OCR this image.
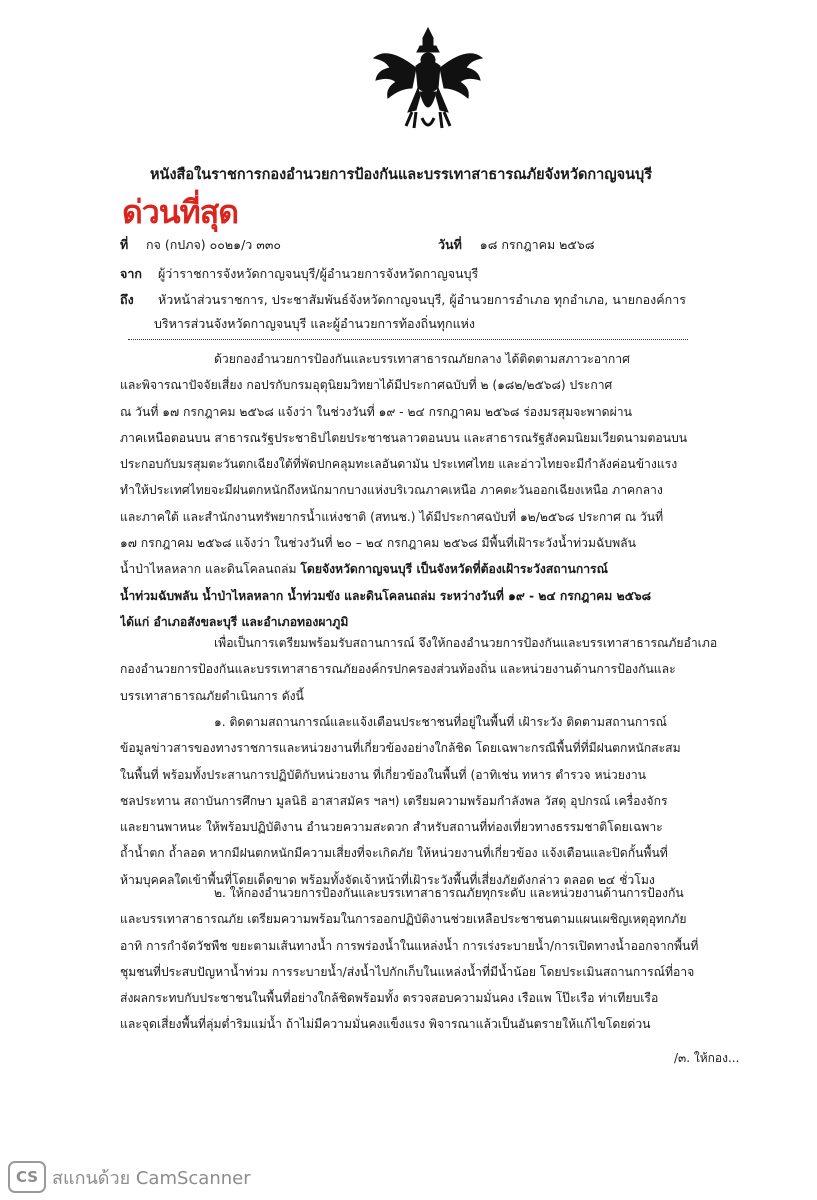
หนังสือในราชการกองอำนวยการป้องกันและบรรเทาสาธารณภัยจังหวัดกาญจนบุรี
ด่วนที่สุด
ที่ กจ (กปภจ) ๐๐๒๑/ว ๓๓๐	วันที่ ๑๘ กรกฎาคม ๒๕๖๘
จาก ผู้ว่าราชการจังหวัดกาญจนบุรี/ผู้อำนวยการจังหวัดกาญจนบุรี
ถึง หัวหน้าส่วนราชการ, ประชาสัมพันธ์จังหวัดกาญจนบุรี, ผู้อำนวยการอำเภอ ทุกอำเภอ, นายกองค์การ
บริหารส่วนจังหวัดกาญจนบุรี และผู้อำนวยการท้องถิ่นทุกแห่ง
ด้วยกองอำนวยการป้องกันและบรรเทาสาธารณภัยกลาง ได้ติดตามสภาวะอากาศ
และพิจารณาปัจจัยเสี่ยง กอปรกับกรมอุตุนิยมวิทยาได้มีประกาศฉบับที่ ๒ (๑๘๒/๒๕๖๘) ประกาศ
ณ วันที่ ๑๗ กรกฎาคม ๒๕๖๘ แจ้งว่า ในช่วงวันที่ ๑๙ - ๒๔ กรกฎาคม ๒๕๖๘ ร่องมรสุมจะพาดผ่าน
ภาคเหนือตอนบน สาธารณรัฐประชาธิปไตยประชาชนลาวตอนบน และสาธารณรัฐสังคมนิยมเวียดนามตอนบน
ประกอบกับมรสุมตะวันตกเฉียงใต้ที่พัดปกคลุมทะเลอันดามัน ประเทศไทย และอ่าวไทยจะมีกำลังค่อนข้างแรง
ทำให้ประเทศไทยจะมีฝนตกหนักถึงหนักมากบางแห่งบริเวณภาคเหนือ ภาคตะวันออกเฉียงเหนือ ภาคกลาง
และภาคใต้ และสำนักงานทรัพยากรน้ำแห่งชาติ (สทนช.) ได้มีประกาศฉบับที่ ๑๒/๒๕๖๘ ประกาศ ณ วันที่
๑๗ กรกฎาคม ๒๕๖๘ แจ้งว่า ในช่วงวันที่ ๒๐ – ๒๔ กรกฎาคม ๒๕๖๘ มีพื้นที่เฝ้าระวังน้ำท่วมฉับพลัน
น้ำป่าไหลหลาก และดินโคลนถล่ม โดยจังหวัดกาญจนบุรี เป็นจังหวัดที่ต้องเฝ้าระวังสถานการณ์
น้ำท่วมฉับพลัน น้ำป่าไหลหลาก น้ำท่วมขัง และดินโคลนถล่ม ระหว่างวันที่ ๑๙ - ๒๔ กรกฎาคม ๒๕๖๘
ได้แก่ อำเภอสังขละบุรี และอำเภอทองผาภูมิ
เพื่อเป็นการเตรียมพร้อมรับสถานการณ์ จึงให้กองอำนวยการป้องกันและบรรเทาสาธารณภัยอำเภอ
กองอำนวยการป้องกันและบรรเทาสาธารณภัยองค์กรปกครองส่วนท้องถิ่น และหน่วยงานด้านการป้องกันและ
บรรเทาสาธารณภัยดำเนินการ ดังนี้
๑. ติดตามสถานการณ์และแจ้งเตือนประชาชนที่อยู่ในพื้นที่ เฝ้าระวัง ติดตามสถานการณ์
ข้อมูลข่าวสารของทางราชการและหน่วยงานที่เกี่ยวข้องอย่างใกล้ชิด โดยเฉพาะกรณีพื้นที่ที่มีฝนตกหนักสะสม
ในพื้นที่ พร้อมทั้งประสานการปฏิบัติกับหน่วยงาน ที่เกี่ยวข้องในพื้นที่ (อาทิเช่น ทหาร ตำรวจ หน่วยงาน
ชลประทาน สถาบันการศึกษา มูลนิธิ อาสาสมัคร ฯลฯ) เตรียมความพร้อมกำลังพล วัสดุ อุปกรณ์ เครื่องจักร
และยานพาหนะ ให้พร้อมปฏิบัติงาน อำนวยความสะดวก สำหรับสถานที่ท่องเที่ยวทางธรรมชาติโดยเฉพาะ
ถ้ำน้ำตก ถ้ำลอด หากมีฝนตกหนักมีความเสี่ยงที่จะเกิดภัย ให้หน่วยงานที่เกี่ยวข้อง แจ้งเตือนและปิดกั้นพื้นที่
ห้ามบุคคลใดเข้าพื้นที่โดยเด็ดขาด พร้อมทั้งจัดเจ้าหน้าที่เฝ้าระวังพื้นที่เสี่ยงภัยดังกล่าว ตลอด ๒๔ ชั่วโมง
๒. ให้กองอำนวยการป้องกันและบรรเทาสาธารณภัยทุกระดับ และหน่วยงานด้านการป้องกัน
และบรรเทาสาธารณภัย เตรียมความพร้อมในการออกปฏิบัติงานช่วยเหลือประชาชนตามแผนเผชิญเหตุอุทกภัย
อาทิ การกำจัดวัชพืช ขยะตามเส้นทางน้ำ การพร่องน้ำในแหล่งน้ำ การเร่งระบายน้ำ/การเปิดทางน้ำออกจากพื้นที่
ชุมชนที่ประสบปัญหาน้ำท่วม การระบายน้ำ/ส่งน้ำไปกักเก็บในแหล่งน้ำที่มีน้ำน้อย โดยประเมินสถานการณ์ที่อาจ
ส่งผลกระทบกับประชาชนในพื้นที่อย่างใกล้ชิดพร้อมทั้ง ตรวจสอบความมั่นคง เรือแพ โป๊ะเรือ ท่าเทียบเรือ
และจุดเสี่ยงพื้นที่ลุ่มต่ำริมแม่น้ำ ถ้าไม่มีความมั่นคงแข็งแรง พิจารณาแล้วเป็นอันตรายให้แก้ไขโดยด่วน
/๓. ให้กอง...
CS สแกนด้วย CamScanner
